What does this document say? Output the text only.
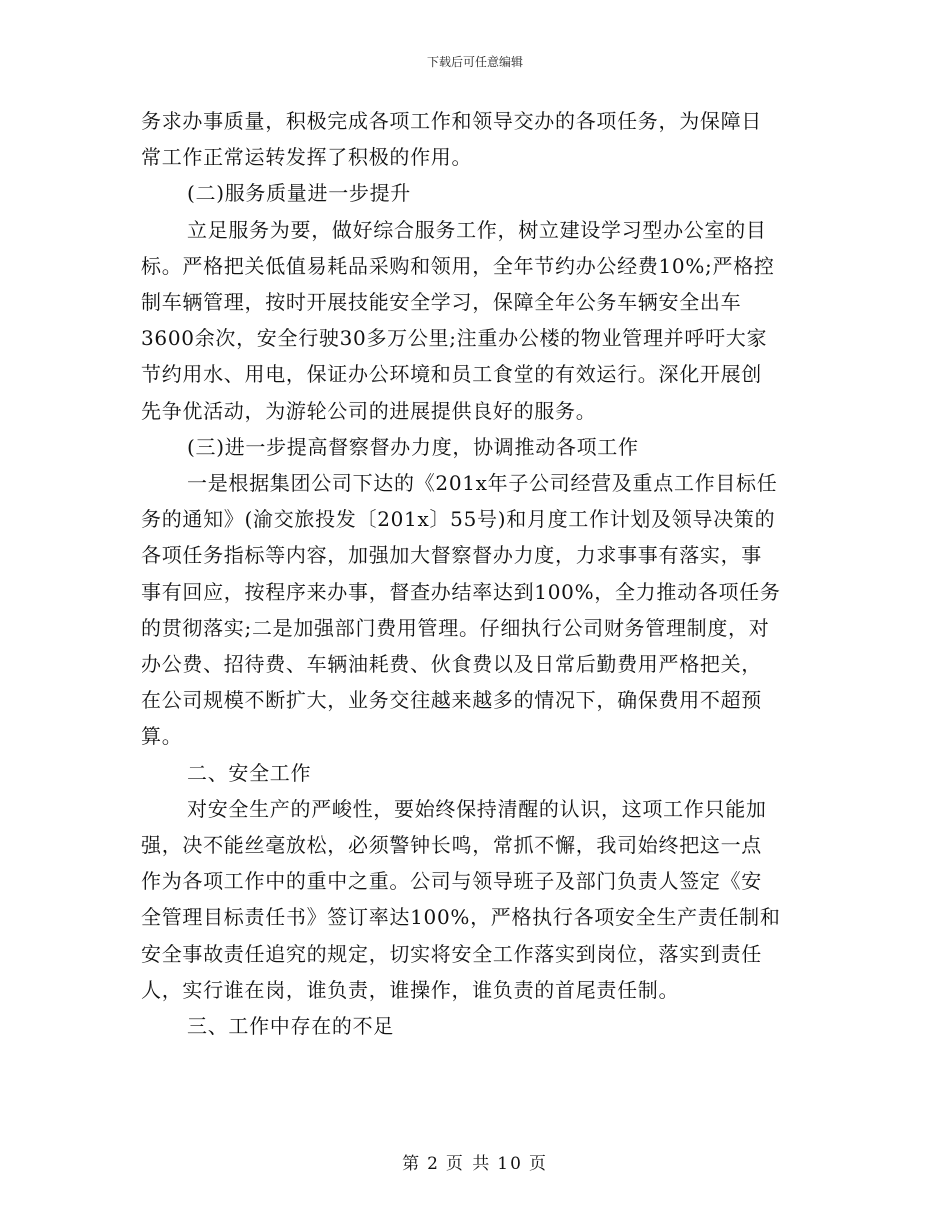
下载后可任意编辑
务求办事质量，积极完成各项工作和领导交办的各项任务，为保障日
常工作正常运转发挥了积极的作用。
(二)服务质量进一步提升
立足服务为要，做好综合服务工作，树立建设学习型办公室的目
标。严格把关低值易耗品采购和领用，全年节约办公经费10%;严格控
制车辆管理，按时开展技能安全学习，保障全年公务车辆安全出车
3600余次，安全行驶30多万公里;注重办公楼的物业管理并呼吁大家
节约用水、用电，保证办公环境和员工食堂的有效运行。深化开展创
先争优活动，为游轮公司的进展提供良好的服务。
(三)进一步提高督察督办力度，协调推动各项工作
一是根据集团公司下达的《201x年子公司经营及重点工作目标任
务的通知》(渝交旅投发〔201x〕55号)和月度工作计划及领导决策的
各项任务指标等内容，加强加大督察督办力度，力求事事有落实，事
事有回应，按程序来办事，督查办结率达到100%，全力推动各项任务
的贯彻落实;二是加强部门费用管理。仔细执行公司财务管理制度，对
办公费、招待费、车辆油耗费、伙食费以及日常后勤费用严格把关，
在公司规模不断扩大，业务交往越来越多的情况下，确保费用不超预
算。
二、安全工作
对安全生产的严峻性，要始终保持清醒的认识，这项工作只能加
强，决不能丝毫放松，必须警钟长鸣，常抓不懈，我司始终把这一点
作为各项工作中的重中之重。公司与领导班子及部门负责人签定《安
全管理目标责任书》签订率达100%，严格执行各项安全生产责任制和
安全事故责任追究的规定，切实将安全工作落实到岗位，落实到责任
人，实行谁在岗，谁负责，谁操作，谁负责的首尾责任制。
三、工作中存在的不足
第 2 页 共 10 页
